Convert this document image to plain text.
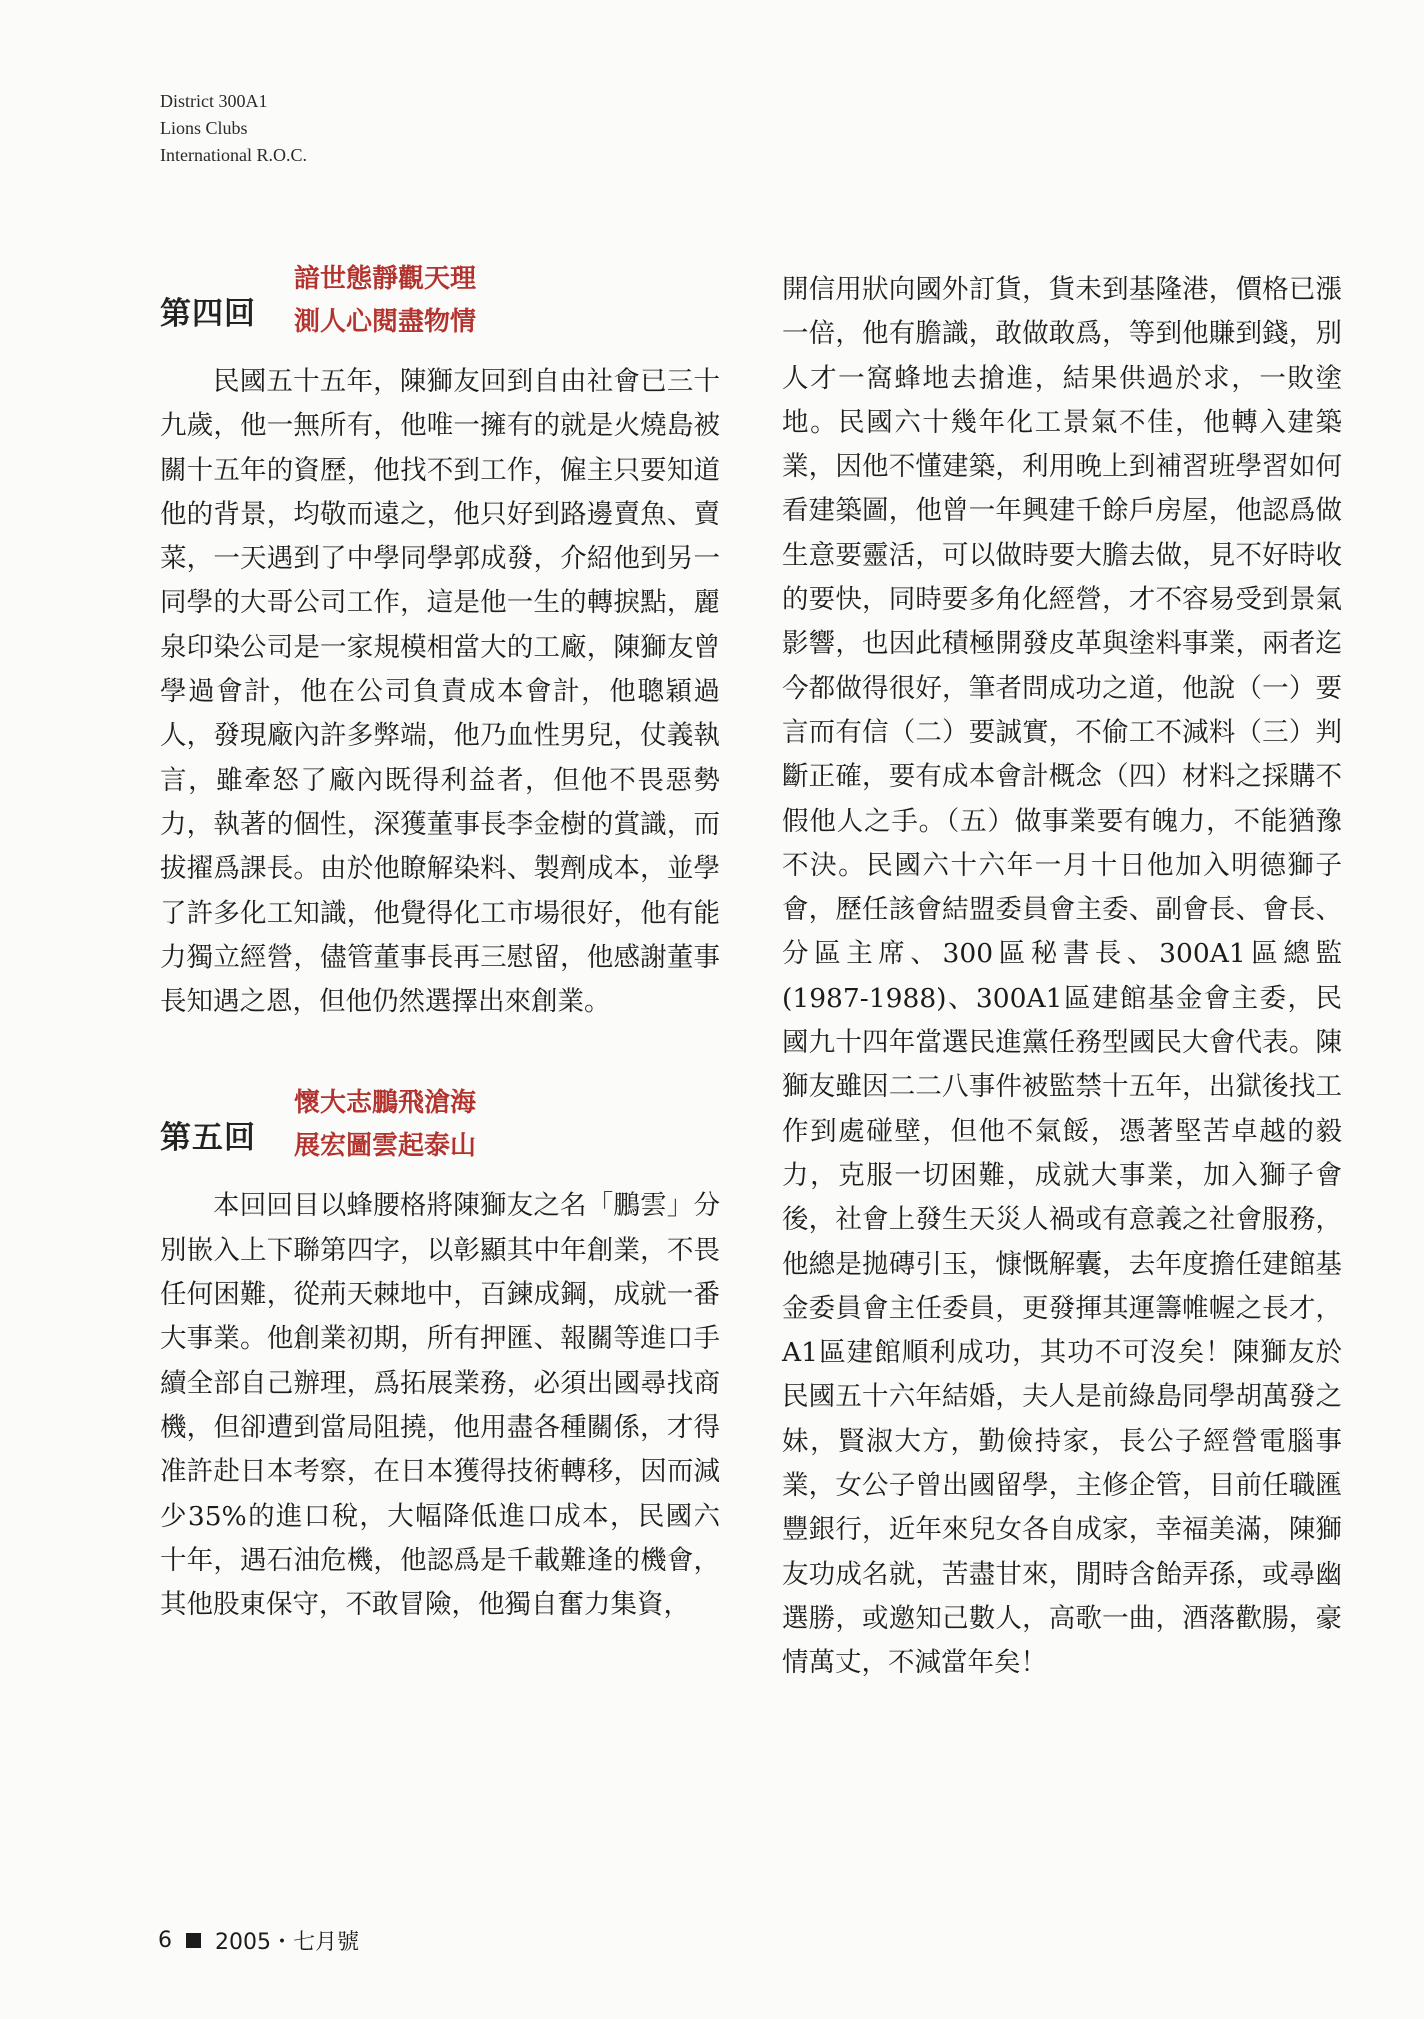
District 300A1
Lions Clubs
International R.O.C.
第四回
諳世態靜觀天理
測人心閱盡物情

民國五十五年，陳獅友回到自由社會已三十九歲，他一無所有，他唯一擁有的就是火燒島被關十五年的資歷，他找不到工作，僱主只要知道他的背景，均敬而遠之，他只好到路邊賣魚、賣菜，一天遇到了中學同學郭成發，介紹他到另一同學的大哥公司工作，這是他一生的轉捩點，麗泉印染公司是一家規模相當大的工廠，陳獅友曾學過會計，他在公司負責成本會計，他聰穎過人，發現廠內許多弊端，他乃血性男兒，仗義執言，雖牽怒了廠內既得利益者，但他不畏惡勢力，執著的個性，深獲董事長李金樹的賞識，而拔擢爲課長。由於他瞭解染料、製劑成本，並學了許多化工知識，他覺得化工市場很好，他有能力獨立經營，儘管董事長再三慰留，他感謝董事長知遇之恩，但他仍然選擇出來創業。

第五回
懷大志鵬飛滄海
展宏圖雲起泰山

本回回目以蜂腰格將陳獅友之名「鵬雲」分別嵌入上下聯第四字，以彰顯其中年創業，不畏任何困難，從荊天棘地中，百鍊成鋼，成就一番大事業。他創業初期，所有押匯、報關等進口手續全部自己辦理，爲拓展業務，必須出國尋找商機，但卻遭到當局阻撓，他用盡各種關係，才得准許赴日本考察，在日本獲得技術轉移，因而減少35%的進口稅，大幅降低進口成本，民國六十年，遇石油危機，他認爲是千載難逢的機會，其他股東保守，不敢冒險，他獨自奮力集資，

開信用狀向國外訂貨，貨未到基隆港，價格已漲一倍，他有膽識，敢做敢爲，等到他賺到錢，別人才一窩蜂地去搶進，結果供過於求，一敗塗地。民國六十幾年化工景氣不佳，他轉入建築業，因他不懂建築，利用晚上到補習班學習如何看建築圖，他曾一年興建千餘戶房屋，他認爲做生意要靈活，可以做時要大膽去做，見不好時收的要快，同時要多角化經營，才不容易受到景氣影響，也因此積極開發皮革與塗料事業，兩者迄今都做得很好，筆者問成功之道，他說（一）要言而有信（二）要誠實，不偷工不減料（三）判斷正確，要有成本會計概念（四）材料之採購不假他人之手。（五）做事業要有魄力，不能猶豫不決。民國六十六年一月十日他加入明德獅子會，歷任該會結盟委員會主委、副會長、會長、分區主席、300區秘書長、300A1區總監(1987-1988)、300A1區建館基金會主委，民國九十四年當選民進黨任務型國民大會代表。陳獅友雖因二二八事件被監禁十五年，出獄後找工作到處碰壁，但他不氣餒，憑著堅苦卓越的毅力，克服一切困難，成就大事業，加入獅子會後，社會上發生天災人禍或有意義之社會服務，他總是拋磚引玉，慷慨解囊，去年度擔任建館基金委員會主任委員，更發揮其運籌帷幄之長才，A1區建館順利成功，其功不可沒矣！陳獅友於民國五十六年結婚，夫人是前綠島同學胡萬發之妹，賢淑大方，勤儉持家，長公子經營電腦事業，女公子曾出國留學，主修企管，目前任職匯豐銀行，近年來兒女各自成家，幸福美滿，陳獅友功成名就，苦盡甘來，閒時含飴弄孫，或尋幽選勝，或邀知己數人，高歌一曲，酒落歡腸，豪情萬丈，不減當年矣！

6 2005・七月號
